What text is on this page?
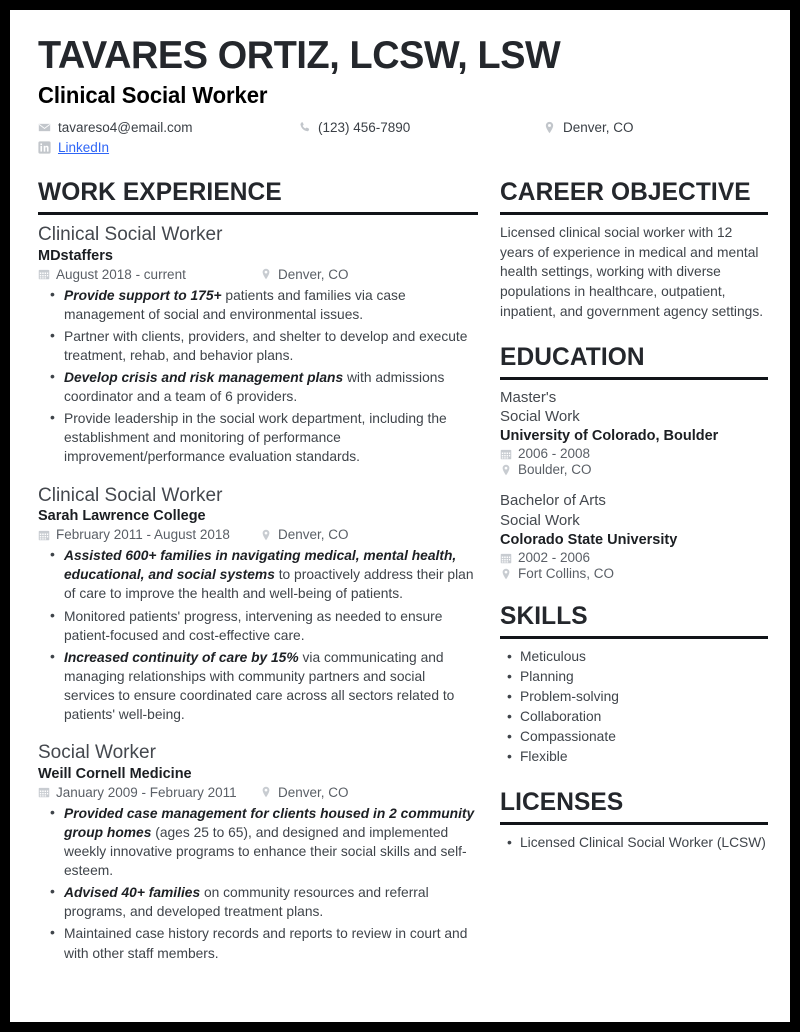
TAVARES ORTIZ, LCSW, LSW
Clinical Social Worker
tavareso4@email.com	(123) 456-7890	Denver, CO
LinkedIn
WORK EXPERIENCE
Clinical Social Worker
MDstaffers
August 2018 - current	Denver, CO
• Provide support to 175+ patients and families via case management of social and environmental issues.
• Partner with clients, providers, and shelter to develop and execute treatment, rehab, and behavior plans.
• Develop crisis and risk management plans with admissions coordinator and a team of 6 providers.
• Provide leadership in the social work department, including the establishment and monitoring of performance improvement/performance evaluation standards.
Clinical Social Worker
Sarah Lawrence College
February 2011 - August 2018	Denver, CO
• Assisted 600+ families in navigating medical, mental health, educational, and social systems to proactively address their plan of care to improve the health and well-being of patients.
• Monitored patients' progress, intervening as needed to ensure patient-focused and cost-effective care.
• Increased continuity of care by 15% via communicating and managing relationships with community partners and social services to ensure coordinated care across all sectors related to patients' well-being.
Social Worker
Weill Cornell Medicine
January 2009 - February 2011	Denver, CO
• Provided case management for clients housed in 2 community group homes (ages 25 to 65), and designed and implemented weekly innovative programs to enhance their social skills and self-esteem.
• Advised 40+ families on community resources and referral programs, and developed treatment plans.
• Maintained case history records and reports to review in court and with other staff members.
CAREER OBJECTIVE
Licensed clinical social worker with 12 years of experience in medical and mental health settings, working with diverse populations in healthcare, outpatient, inpatient, and government agency settings.
EDUCATION
Master's
Social Work
University of Colorado, Boulder
2006 - 2008
Boulder, CO
Bachelor of Arts
Social Work
Colorado State University
2002 - 2006
Fort Collins, CO
SKILLS
• Meticulous
• Planning
• Problem-solving
• Collaboration
• Compassionate
• Flexible
LICENSES
• Licensed Clinical Social Worker (LCSW)
